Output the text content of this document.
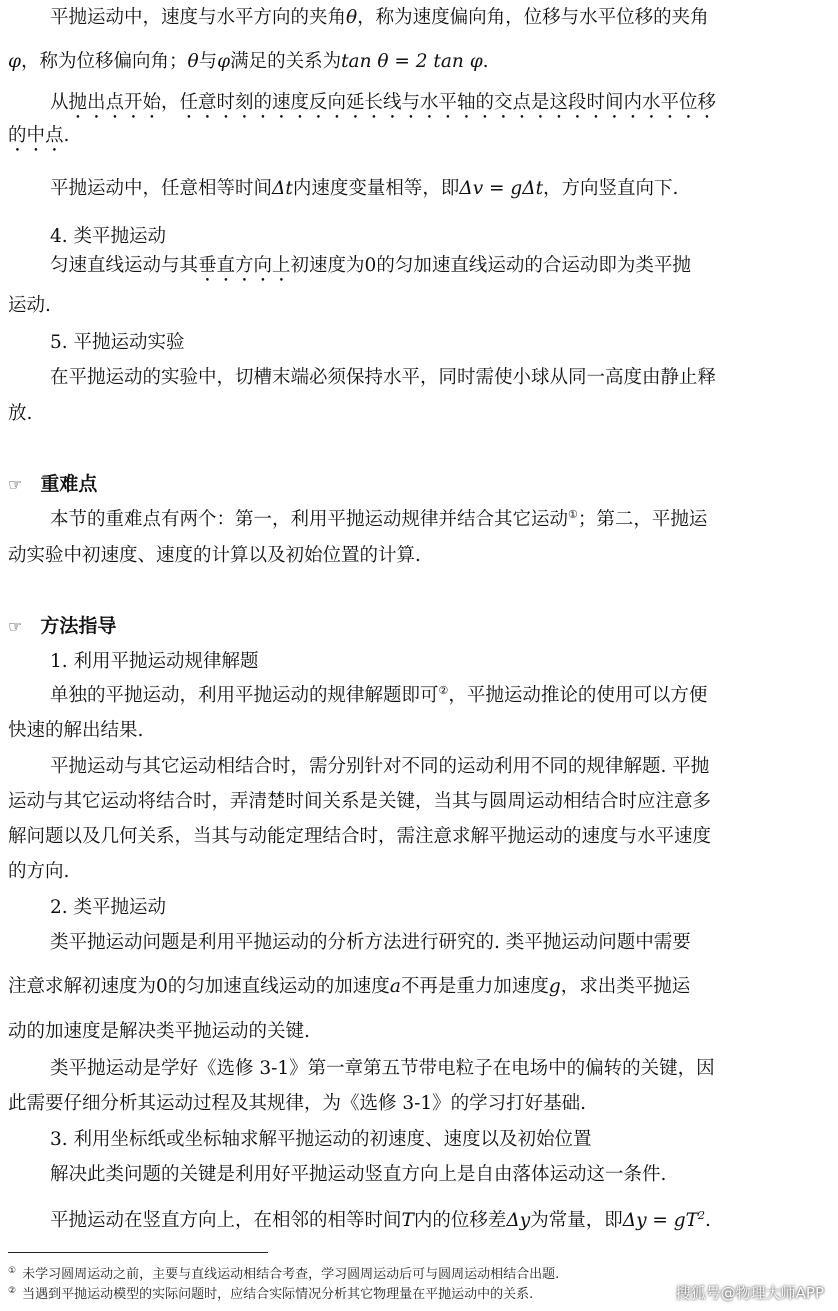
平抛运动中，速度与水平方向的夹角θ，称为速度偏向角，位移与水平位移的夹角
φ，称为位移偏向角；θ与φ满足的关系为tan θ = 2 tan φ.
从抛出点开始，任意时刻的速度反向延长线与水平轴的交点是这段时间内水平位移
的中点.
平抛运动中，任意相等时间Δt内速度变量相等，即Δv = gΔt，方向竖直向下.
4. 类平抛运动
匀速直线运动与其垂直方向上初速度为0的匀加速直线运动的合运动即为类平抛
运动.
5. 平抛运动实验
在平抛运动的实验中，切槽末端必须保持水平，同时需使小球从同一高度由静止释
放.
☞ 重难点
本节的重难点有两个：第一，利用平抛运动规律并结合其它运动①；第二，平抛运
动实验中初速度、速度的计算以及初始位置的计算.
☞ 方法指导
1. 利用平抛运动规律解题
单独的平抛运动，利用平抛运动的规律解题即可②，平抛运动推论的使用可以方便
快速的解出结果.
平抛运动与其它运动相结合时，需分别针对不同的运动利用不同的规律解题. 平抛
运动与其它运动将结合时，弄清楚时间关系是关键，当其与圆周运动相结合时应注意多
解问题以及几何关系，当其与动能定理结合时，需注意求解平抛运动的速度与水平速度
的方向.
2. 类平抛运动
类平抛运动问题是利用平抛运动的分析方法进行研究的. 类平抛运动问题中需要
注意求解初速度为0的匀加速直线运动的加速度a不再是重力加速度g，求出类平抛运
动的加速度是解决类平抛运动的关键.
类平抛运动是学好《选修 3-1》第一章第五节带电粒子在电场中的偏转的关键，因
此需要仔细分析其运动过程及其规律，为《选修 3-1》的学习打好基础.
3. 利用坐标纸或坐标轴求解平抛运动的初速度、速度以及初始位置
解决此类问题的关键是利用好平抛运动竖直方向上是自由落体运动这一条件.
平抛运动在竖直方向上，在相邻的相等时间T内的位移差Δy为常量，即$\Delta y = gT^2$.
① 未学习圆周运动之前，主要与直线运动相结合考查，学习圆周运动后可与圆周运动相结合出题.
② 当遇到平抛运动模型的实际问题时，应结合实际情况分析其它物理量在平抛运动中的关系.	搜狐号@物理大师APP
